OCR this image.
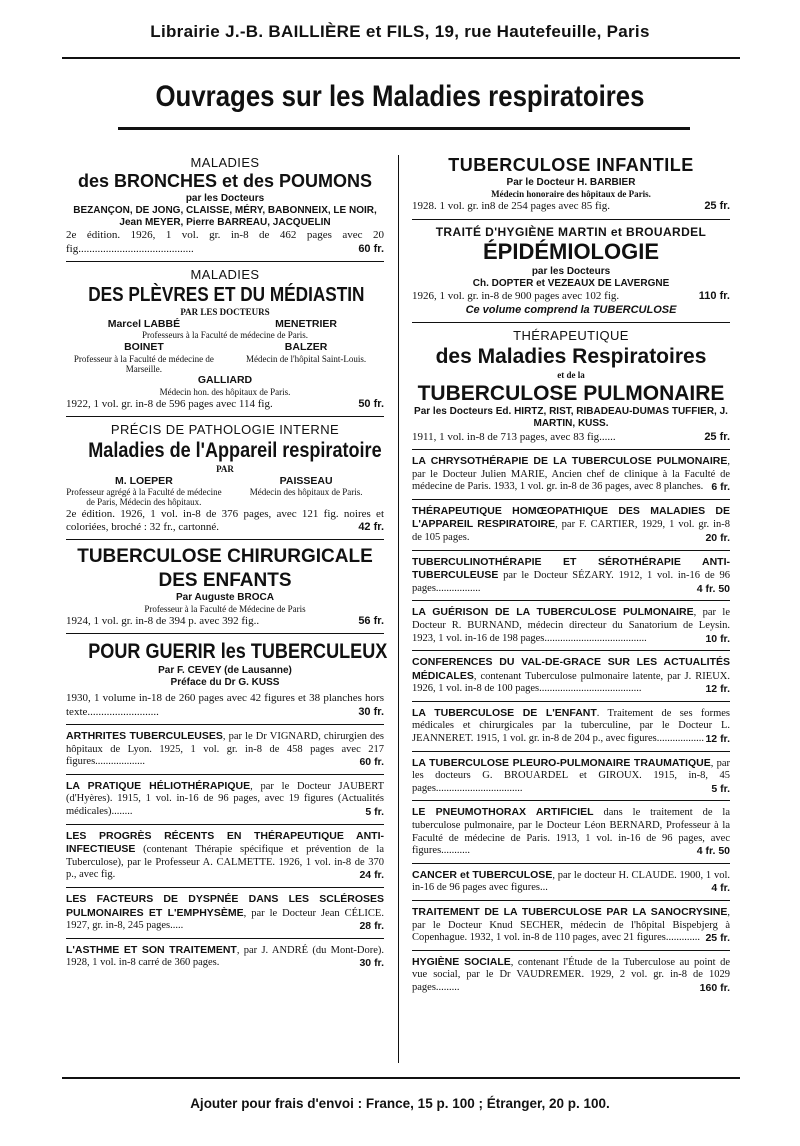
Librairie J.-B. BAILLIÈRE et FILS, 19, rue Hautefeuille, Paris
Ouvrages sur les Maladies respiratoires
MALADIES
des BRONCHES et des POUMONS
par les Docteurs
BEZANÇON, DE JONG, CLAISSE, MÉRY, BABONNEIX, LE NOIR, Jean MEYER, Pierre BARREAU, JACQUELIN
2e édition. 1926, 1 vol. gr. in-8 de 462 pages avec 20 fig..........................................	60 fr.
MALADIES
DES PLÈVRES ET DU MÉDIASTIN
PAR LES DOCTEURS
Marcel LABBÉ	MENETRIER
Professeurs à la Faculté de médecine de Paris.
BOINET
Professeur à la Faculté de médecine de Marseille.
BALZER
Médecin de l'hôpital Saint-Louis.
GALLIARD
Médecin hon. des hôpitaux de Paris.
1922, 1 vol. gr. in-8 de 596 pages avec 114 fig.	50 fr.
PRÉCIS DE PATHOLOGIE INTERNE
Maladies de l'Appareil respiratoire
PAR
M. LOEPER
Professeur agrégé à la Faculté de médecine de Paris, Médecin des hôpitaux.
PAISSEAU
Médecin des hôpitaux de Paris.
2e édition. 1926, 1 vol. in-8 de 376 pages, avec 121 fig. noires et coloriées, broché : 32 fr., cartonné.	42 fr.
TUBERCULOSE CHIRURGICALE
DES ENFANTS
Par Auguste BROCA
Professeur à la Faculté de Médecine de Paris
1924, 1 vol. gr. in-8 de 394 p. avec 392 fig..	56 fr.
POUR GUERIR les TUBERCULEUX
Par F. CEVEY (de Lausanne)
Préface du Dr G. KUSS
1930, 1 volume in-18 de 260 pages avec 42 figures et 38 planches hors texte..........................	30 fr.
ARTHRITES TUBERCULEUSES, par le Dr VIGNARD, chirurgien des hôpitaux de Lyon. 1925, 1 vol. gr. in-8 de 458 pages avec 217 figures...................	60 fr.
LA PRATIQUE HÉLIOTHÉRAPIQUE, par le Docteur JAUBERT (d'Hyères). 1915, 1 vol. in-16 de 96 pages, avec 19 figures (Actualités médicales)........	5 fr.
LES PROGRÈS RÉCENTS EN THÉRAPEUTIQUE ANTI-INFECTIEUSE (contenant Thérapie spécifique et prévention de la Tuberculose), par le Professeur A. CALMETTE. 1926, 1 vol. in-8 de 370 p., avec fig.	24 fr.
LES FACTEURS DE DYSPNÉE DANS LES SCLÉROSES PULMONAIRES ET L'EMPHYSÈME, par le Docteur Jean CÉLICE. 1927, gr. in-8, 245 pages.....	28 fr.
L'ASTHME ET SON TRAITEMENT, par J. ANDRÉ (du Mont-Dore). 1928, 1 vol. in-8 carré de 360 pages.	30 fr.
TUBERCULOSE INFANTILE
Par le Docteur H. BARBIER
Médecin honoraire des hôpitaux de Paris.
1928. 1 vol. gr. in8 de 254 pages avec 85 fig.	25 fr.
TRAITÉ D'HYGIÈNE MARTIN et BROUARDEL
ÉPIDÉMIOLOGIE
par les Docteurs
Ch. DOPTER et VEZEAUX DE LAVERGNE
1926, 1 vol. gr. in-8 de 900 pages avec 102 fig.	110 fr.
Ce volume comprend la TUBERCULOSE
THÉRAPEUTIQUE
des Maladies Respiratoires
et de la
TUBERCULOSE PULMONAIRE
Par les Docteurs Ed. HIRTZ, RIST, RIBADEAU-DUMAS TUFFIER, J. MARTIN, KUSS.
1911, 1 vol. in-8 de 713 pages, avec 83 fig......	25 fr.
LA CHRYSOTHÉRAPIE DE LA TUBERCULOSE PULMONAIRE, par le Docteur Julien MARIE, Ancien chef de clinique à la Faculté de médecine de Paris. 1933, 1 vol. gr. in-8 de 36 pages, avec 8 planches. 6 fr.
THÉRAPEUTIQUE HOMŒOPATHIQUE DES MALADIES DE L'APPAREIL RESPIRATOIRE, par F. CARTIER, 1929, 1 vol. gr. in-8 de 105 pages.	20 fr.
TUBERCULINOTHÉRAPIE ET SÉROTHÉRAPIE ANTI-TUBERCULEUSE par le Docteur SÉZARY. 1912, 1 vol. in-16 de 96 pages.................	4 fr. 50
LA GUÉRISON DE LA TUBERCULOSE PULMONAIRE, par le Docteur R. BURNAND, médecin directeur du Sanatorium de Leysin. 1923, 1 vol. in-16 de 198 pages.......................................	10 fr.
CONFERENCES DU VAL-DE-GRACE SUR LES ACTUALITÉS MÉDICALES, contenant Tuberculose pulmonaire latente, par J. RIEUX. 1926, 1 vol. in-8 de 100 pages.......................................	12 fr.
LA TUBERCULOSE DE L'ENFANT. Traitement de ses formes médicales et chirurgicales par la tuberculine, par le Docteur L. JEANNERET. 1915, 1 vol. gr. in-8 de 204 p., avec figures.................. 12 fr.
LA TUBERCULOSE PLEURO-PULMONAIRE TRAUMATIQUE, par les docteurs G. BROUARDEL et GIROUX. 1915, in-8, 45 pages.................................	5 fr.
LE PNEUMOTHORAX ARTIFICIEL dans le traitement de la tuberculose pulmonaire, par le Docteur Léon BERNARD, Professeur à la Faculté de médecine de Paris. 1913, 1 vol. in-16 de 96 pages, avec figures...........	4 fr. 50
CANCER et TUBERCULOSE, par le docteur H. CLAUDE. 1900, 1 vol. in-16 de 96 pages avec figures...	4 fr.
TRAITEMENT DE LA TUBERCULOSE PAR LA SANOCRYSINE, par le Docteur Knud SECHER, médecin de l'hôpital Bispebjerg à Copenhague. 1932, 1 vol. in-8 de 110 pages, avec 21 figures............. 25 fr.
HYGIÈNE SOCIALE, contenant l'Étude de la Tuberculose au point de vue social, par le Dr VAUDREMER. 1929, 2 vol. gr. in-8 de 1029 pages.........	160 fr.
Ajouter pour frais d'envoi : France, 15 p. 100 ; Étranger, 20 p. 100.
